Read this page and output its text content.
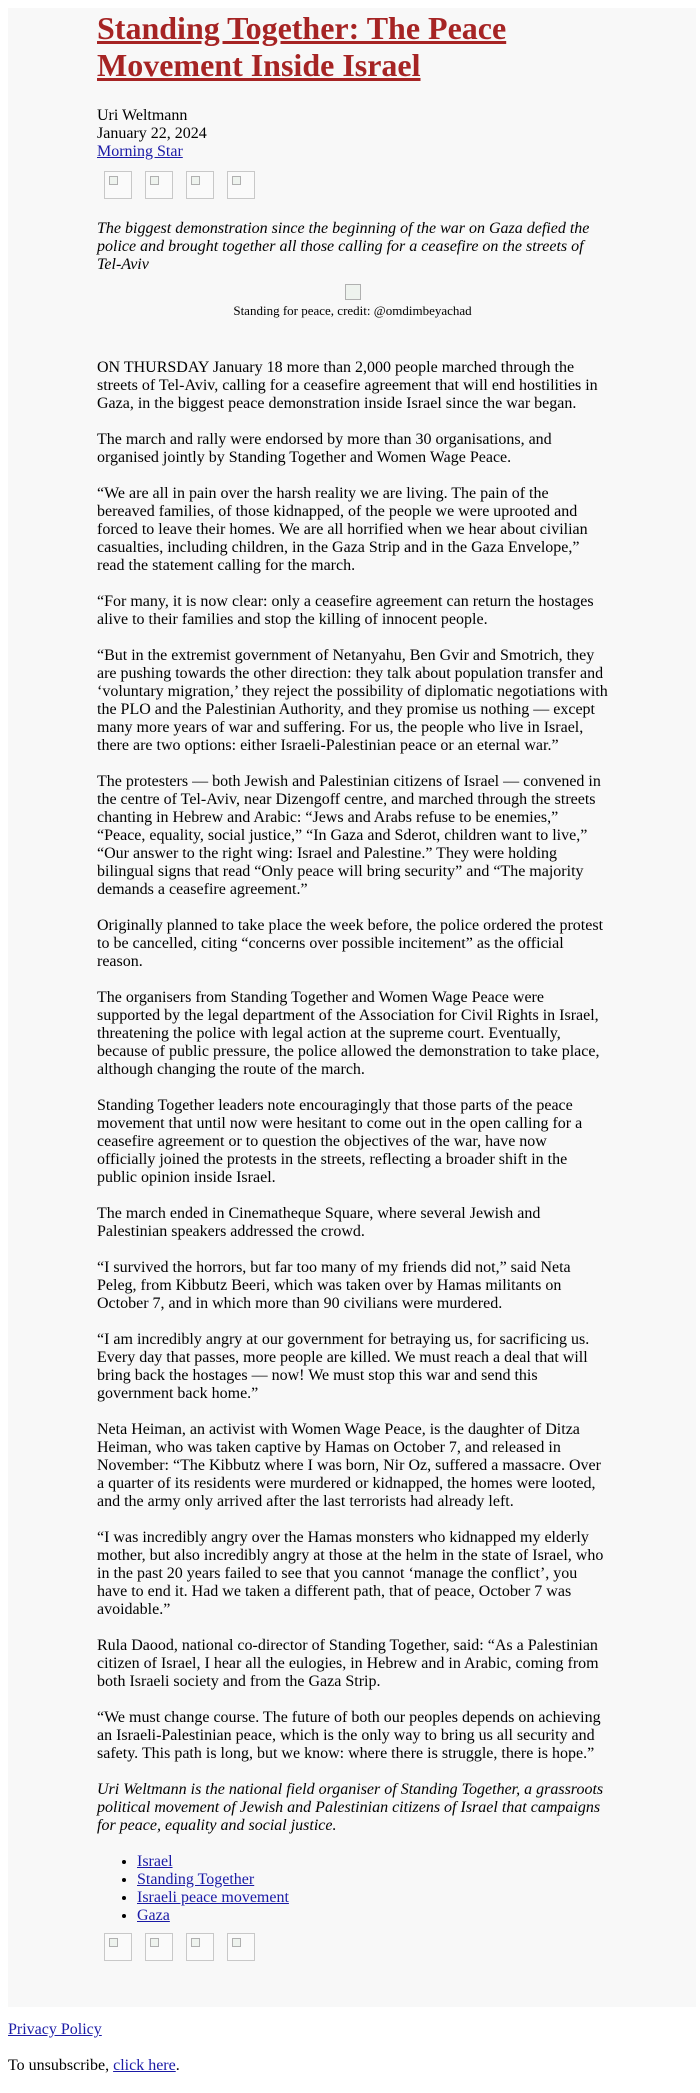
Standing Together: The Peace
Movement Inside Israel
Uri Weltmann
January 22, 2024
Morning Star

The biggest demonstration since the beginning of the war on Gaza defied the police and brought together all those calling for a ceasefire on the streets of Tel-Aviv

Standing for peace, credit: @omdimbeyachad

ON THURSDAY January 18 more than 2,000 people marched through the streets of Tel-Aviv, calling for a ceasefire agreement that will end hostilities in Gaza, in the biggest peace demonstration inside Israel since the war began.

The march and rally were endorsed by more than 30 organisations, and organised jointly by Standing Together and Women Wage Peace.

“We are all in pain over the harsh reality we are living. The pain of the bereaved families, of those kidnapped, of the people we were uprooted and forced to leave their homes. We are all horrified when we hear about civilian casualties, including children, in the Gaza Strip and in the Gaza Envelope,” read the statement calling for the march.

“For many, it is now clear: only a ceasefire agreement can return the hostages alive to their families and stop the killing of innocent people.

“But in the extremist government of Netanyahu, Ben Gvir and Smotrich, they are pushing towards the other direction: they talk about population transfer and ‘voluntary migration,’ they reject the possibility of diplomatic negotiations with the PLO and the Palestinian Authority, and they promise us nothing — except many more years of war and suffering. For us, the people who live in Israel, there are two options: either Israeli-Palestinian peace or an eternal war.”

The protesters — both Jewish and Palestinian citizens of Israel — convened in the centre of Tel-Aviv, near Dizengoff centre, and marched through the streets chanting in Hebrew and Arabic: “Jews and Arabs refuse to be enemies,” “Peace, equality, social justice,” “In Gaza and Sderot, children want to live,” “Our answer to the right wing: Israel and Palestine.” They were holding bilingual signs that read “Only peace will bring security” and “The majority demands a ceasefire agreement.”

Originally planned to take place the week before, the police ordered the protest to be cancelled, citing “concerns over possible incitement” as the official reason.

The organisers from Standing Together and Women Wage Peace were supported by the legal department of the Association for Civil Rights in Israel, threatening the police with legal action at the supreme court. Eventually, because of public pressure, the police allowed the demonstration to take place, although changing the route of the march.

Standing Together leaders note encouragingly that those parts of the peace movement that until now were hesitant to come out in the open calling for a ceasefire agreement or to question the objectives of the war, have now officially joined the protests in the streets, reflecting a broader shift in the public opinion inside Israel.

The march ended in Cinematheque Square, where several Jewish and Palestinian speakers addressed the crowd.

“I survived the horrors, but far too many of my friends did not,” said Neta Peleg, from Kibbutz Beeri, which was taken over by Hamas militants on October 7, and in which more than 90 civilians were murdered.

“I am incredibly angry at our government for betraying us, for sacrificing us. Every day that passes, more people are killed. We must reach a deal that will bring back the hostages — now! We must stop this war and send this government back home.”

Neta Heiman, an activist with Women Wage Peace, is the daughter of Ditza Heiman, who was taken captive by Hamas on October 7, and released in November: “The Kibbutz where I was born, Nir Oz, suffered a massacre. Over a quarter of its residents were murdered or kidnapped, the homes were looted, and the army only arrived after the last terrorists had already left.

“I was incredibly angry over the Hamas monsters who kidnapped my elderly mother, but also incredibly angry at those at the helm in the state of Israel, who in the past 20 years failed to see that you cannot ‘manage the conflict’, you have to end it. Had we taken a different path, that of peace, October 7 was avoidable.”

Rula Daood, national co-director of Standing Together, said: “As a Palestinian citizen of Israel, I hear all the eulogies, in Hebrew and in Arabic, coming from both Israeli society and from the Gaza Strip.

“We must change course. The future of both our peoples depends on achieving an Israeli-Palestinian peace, which is the only way to bring us all security and safety. This path is long, but we know: where there is struggle, there is hope.”

Uri Weltmann is the national field organiser of Standing Together, a grassroots political movement of Jewish and Palestinian citizens of Israel that campaigns for peace, equality and social justice.

• Israel
• Standing Together
• Israeli peace movement
• Gaza

Privacy Policy

To unsubscribe, click here.
